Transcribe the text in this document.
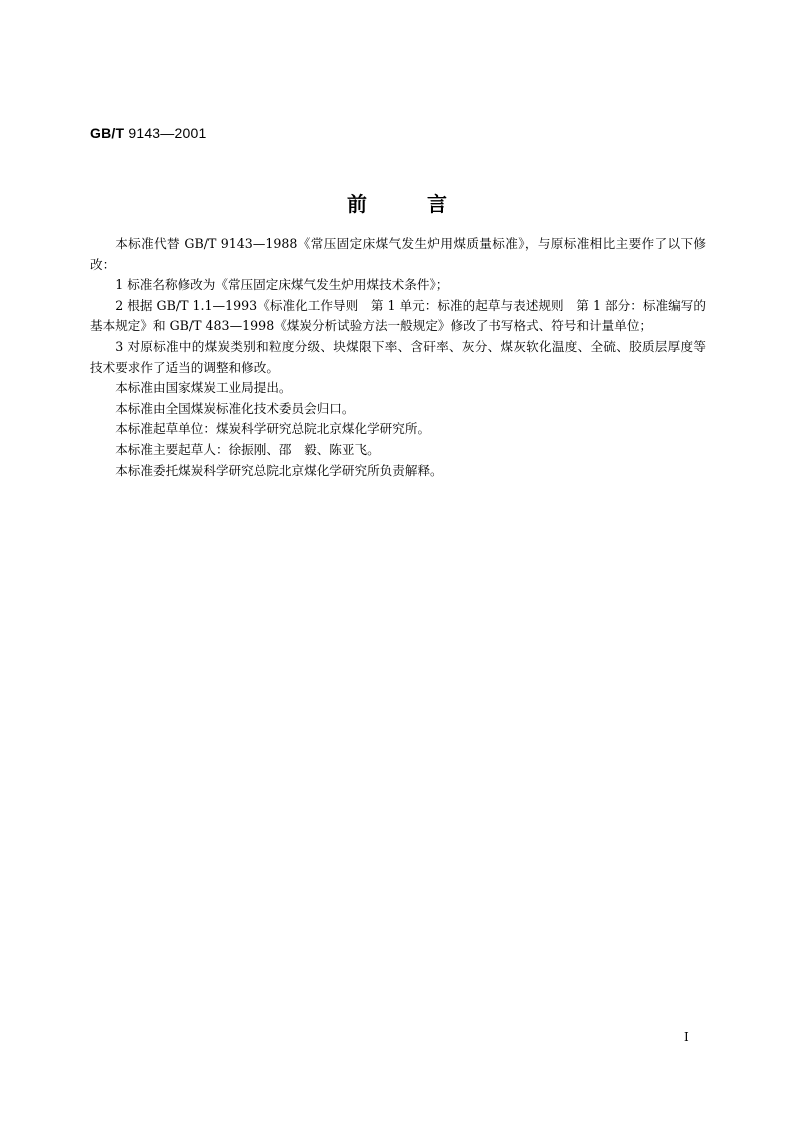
GB/T 9143—2001
前言

本标准代替 GB/T 9143—1988《常压固定床煤气发生炉用煤质量标准》，与原标准相比主要作了以下修改：

1 标准名称修改为《常压固定床煤气发生炉用煤技术条件》；

2 根据 GB/T 1.1—1993《标准化工作导则　第 1 单元：标准的起草与表述规则　第 1 部分：标准编写的基本规定》和 GB/T 483—1998《煤炭分析试验方法一般规定》修改了书写格式、符号和计量单位；

3 对原标准中的煤炭类别和粒度分级、块煤限下率、含矸率、灰分、煤灰软化温度、全硫、胶质层厚度等技术要求作了适当的调整和修改。

本标准由国家煤炭工业局提出。

本标准由全国煤炭标准化技术委员会归口。

本标准起草单位：煤炭科学研究总院北京煤化学研究所。

本标准主要起草人：徐振刚、邵　毅、陈亚飞。

本标准委托煤炭科学研究总院北京煤化学研究所负责解释。

I
